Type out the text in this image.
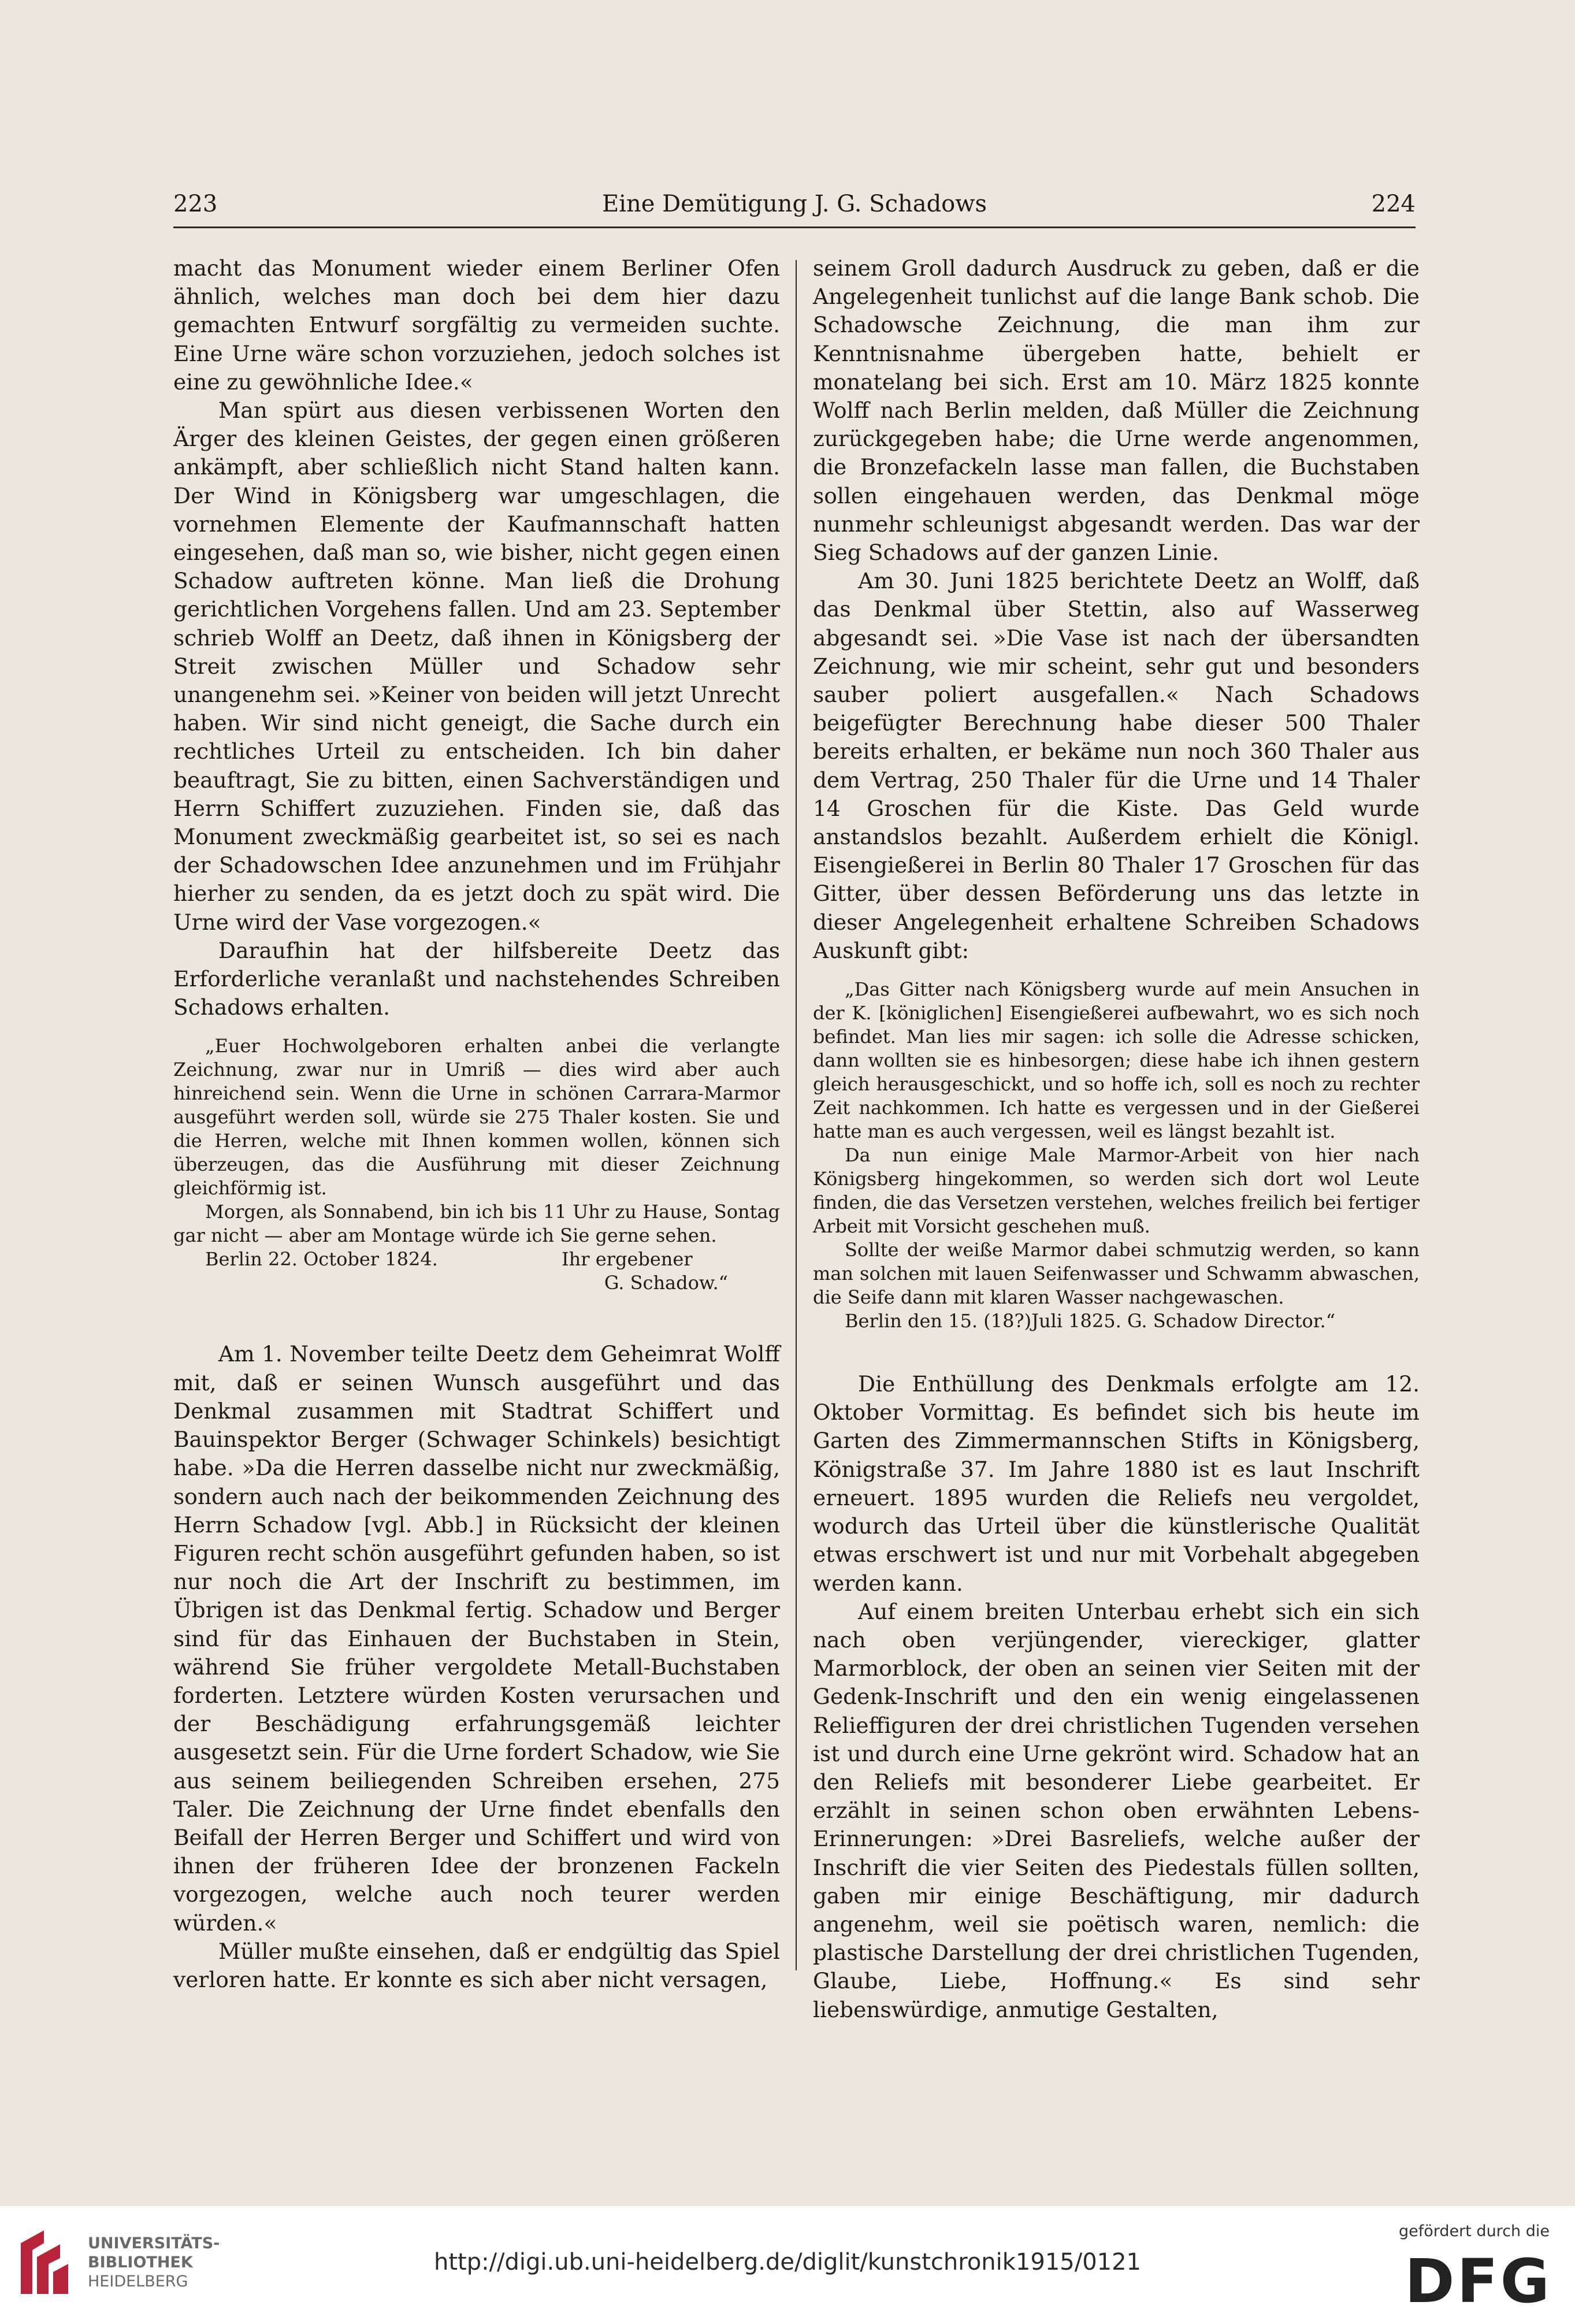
223	Eine Demütigung J. G. Schadows	224

macht das Monument wieder einem Berliner Ofen ähnlich, welches man doch bei dem hier dazu gemachten Entwurf sorgfältig zu vermeiden suchte. Eine Urne wäre schon vorzuziehen, jedoch solches ist eine zu gewöhnliche Idee.«

Man spürt aus diesen verbissenen Worten den Ärger des kleinen Geistes, der gegen einen größeren ankämpft, aber schließlich nicht Stand halten kann. Der Wind in Königsberg war umgeschlagen, die vornehmen Elemente der Kaufmannschaft hatten eingesehen, daß man so, wie bisher, nicht gegen einen Schadow auftreten könne. Man ließ die Drohung gerichtlichen Vorgehens fallen. Und am 23. September schrieb Wolff an Deetz, daß ihnen in Königsberg der Streit zwischen Müller und Schadow sehr unangenehm sei. »Keiner von beiden will jetzt Unrecht haben. Wir sind nicht geneigt, die Sache durch ein rechtliches Urteil zu entscheiden. Ich bin daher beauftragt, Sie zu bitten, einen Sachverständigen und Herrn Schiffert zuzuziehen. Finden sie, daß das Monument zweckmäßig gearbeitet ist, so sei es nach der Schadowschen Idee anzunehmen und im Frühjahr hierher zu senden, da es jetzt doch zu spät wird. Die Urne wird der Vase vorgezogen.«

Daraufhin hat der hilfsbereite Deetz das Erforderliche veranlaßt und nachstehendes Schreiben Schadows erhalten.

„Euer Hochwolgeboren erhalten anbei die verlangte Zeichnung, zwar nur in Umriß — dies wird aber auch hinreichend sein. Wenn die Urne in schönen Carrara-Marmor ausgeführt werden soll, würde sie 275 Thaler kosten. Sie und die Herren, welche mit Ihnen kommen wollen, können sich überzeugen, das die Ausführung mit dieser Zeichnung gleichförmig ist.

Morgen, als Sonnabend, bin ich bis 11 Uhr zu Hause, Sontag gar nicht — aber am Montage würde ich Sie gerne sehen.

Berlin 22. October 1824.	Ihr ergebener
G. Schadow.“

Am 1. November teilte Deetz dem Geheimrat Wolff mit, daß er seinen Wunsch ausgeführt und das Denkmal zusammen mit Stadtrat Schiffert und Bauinspektor Berger (Schwager Schinkels) besichtigt habe. »Da die Herren dasselbe nicht nur zweckmäßig, sondern auch nach der beikommenden Zeichnung des Herrn Schadow [vgl. Abb.] in Rücksicht der kleinen Figuren recht schön ausgeführt gefunden haben, so ist nur noch die Art der Inschrift zu bestimmen, im Übrigen ist das Denkmal fertig. Schadow und Berger sind für das Einhauen der Buchstaben in Stein, während Sie früher vergoldete Metall-Buchstaben forderten. Letztere würden Kosten verursachen und der Beschädigung erfahrungsgemäß leichter ausgesetzt sein. Für die Urne fordert Schadow, wie Sie aus seinem beiliegenden Schreiben ersehen, 275 Taler. Die Zeichnung der Urne findet ebenfalls den Beifall der Herren Berger und Schiffert und wird von ihnen der früheren Idee der bronzenen Fackeln vorgezogen, welche auch noch teurer werden würden.«

Müller mußte einsehen, daß er endgültig das Spiel verloren hatte. Er konnte es sich aber nicht versagen,

seinem Groll dadurch Ausdruck zu geben, daß er die Angelegenheit tunlichst auf die lange Bank schob. Die Schadowsche Zeichnung, die man ihm zur Kenntnisnahme übergeben hatte, behielt er monatelang bei sich. Erst am 10. März 1825 konnte Wolff nach Berlin melden, daß Müller die Zeichnung zurückgegeben habe; die Urne werde angenommen, die Bronzefackeln lasse man fallen, die Buchstaben sollen eingehauen werden, das Denkmal möge nunmehr schleunigst abgesandt werden. Das war der Sieg Schadows auf der ganzen Linie.

Am 30. Juni 1825 berichtete Deetz an Wolff, daß das Denkmal über Stettin, also auf Wasserweg abgesandt sei. »Die Vase ist nach der übersandten Zeichnung, wie mir scheint, sehr gut und besonders sauber poliert ausgefallen.« Nach Schadows beigefügter Berechnung habe dieser 500 Thaler bereits erhalten, er bekäme nun noch 360 Thaler aus dem Vertrag, 250 Thaler für die Urne und 14 Thaler 14 Groschen für die Kiste. Das Geld wurde anstandslos bezahlt. Außerdem erhielt die Königl. Eisengießerei in Berlin 80 Thaler 17 Groschen für das Gitter, über dessen Beförderung uns das letzte in dieser Angelegenheit erhaltene Schreiben Schadows Auskunft gibt:

„Das Gitter nach Königsberg wurde auf mein Ansuchen in der K. [königlichen] Eisengießerei aufbewahrt, wo es sich noch befindet. Man lies mir sagen: ich solle die Adresse schicken, dann wollten sie es hinbesorgen; diese habe ich ihnen gestern gleich herausgeschickt, und so hoffe ich, soll es noch zu rechter Zeit nachkommen. Ich hatte es vergessen und in der Gießerei hatte man es auch vergessen, weil es längst bezahlt ist.

Da nun einige Male Marmor-Arbeit von hier nach Königsberg hingekommen, so werden sich dort wol Leute finden, die das Versetzen verstehen, welches freilich bei fertiger Arbeit mit Vorsicht geschehen muß.

Sollte der weiße Marmor dabei schmutzig werden, so kann man solchen mit lauen Seifenwasser und Schwamm abwaschen, die Seife dann mit klaren Wasser nachgewaschen.

Berlin den 15. (18?)Juli 1825. G. Schadow Director.“

Die Enthüllung des Denkmals erfolgte am 12. Oktober Vormittag. Es befindet sich bis heute im Garten des Zimmermannschen Stifts in Königsberg, Königstraße 37. Im Jahre 1880 ist es laut Inschrift erneuert. 1895 wurden die Reliefs neu vergoldet, wodurch das Urteil über die künstlerische Qualität etwas erschwert ist und nur mit Vorbehalt abgegeben werden kann.

Auf einem breiten Unterbau erhebt sich ein sich nach oben verjüngender, viereckiger, glatter Marmorblock, der oben an seinen vier Seiten mit der Gedenk-Inschrift und den ein wenig eingelassenen Relieffiguren der drei christlichen Tugenden versehen ist und durch eine Urne gekrönt wird. Schadow hat an den Reliefs mit besonderer Liebe gearbeitet. Er erzählt in seinen schon oben erwähnten Lebens-Erinnerungen: »Drei Basreliefs, welche außer der Inschrift die vier Seiten des Piedestals füllen sollten, gaben mir einige Beschäftigung, mir dadurch angenehm, weil sie poëtisch waren, nemlich: die plastische Darstellung der drei christlichen Tugenden, Glaube, Liebe, Hoffnung.« Es sind sehr liebenswürdige, anmutige Gestalten,

UNIVERSITÄTS-
BIBLIOTHEK
HEIDELBERG
http://digi.ub.uni-heidelberg.de/diglit/kunstchronik1915/0121
gefördert durch die
DFG
